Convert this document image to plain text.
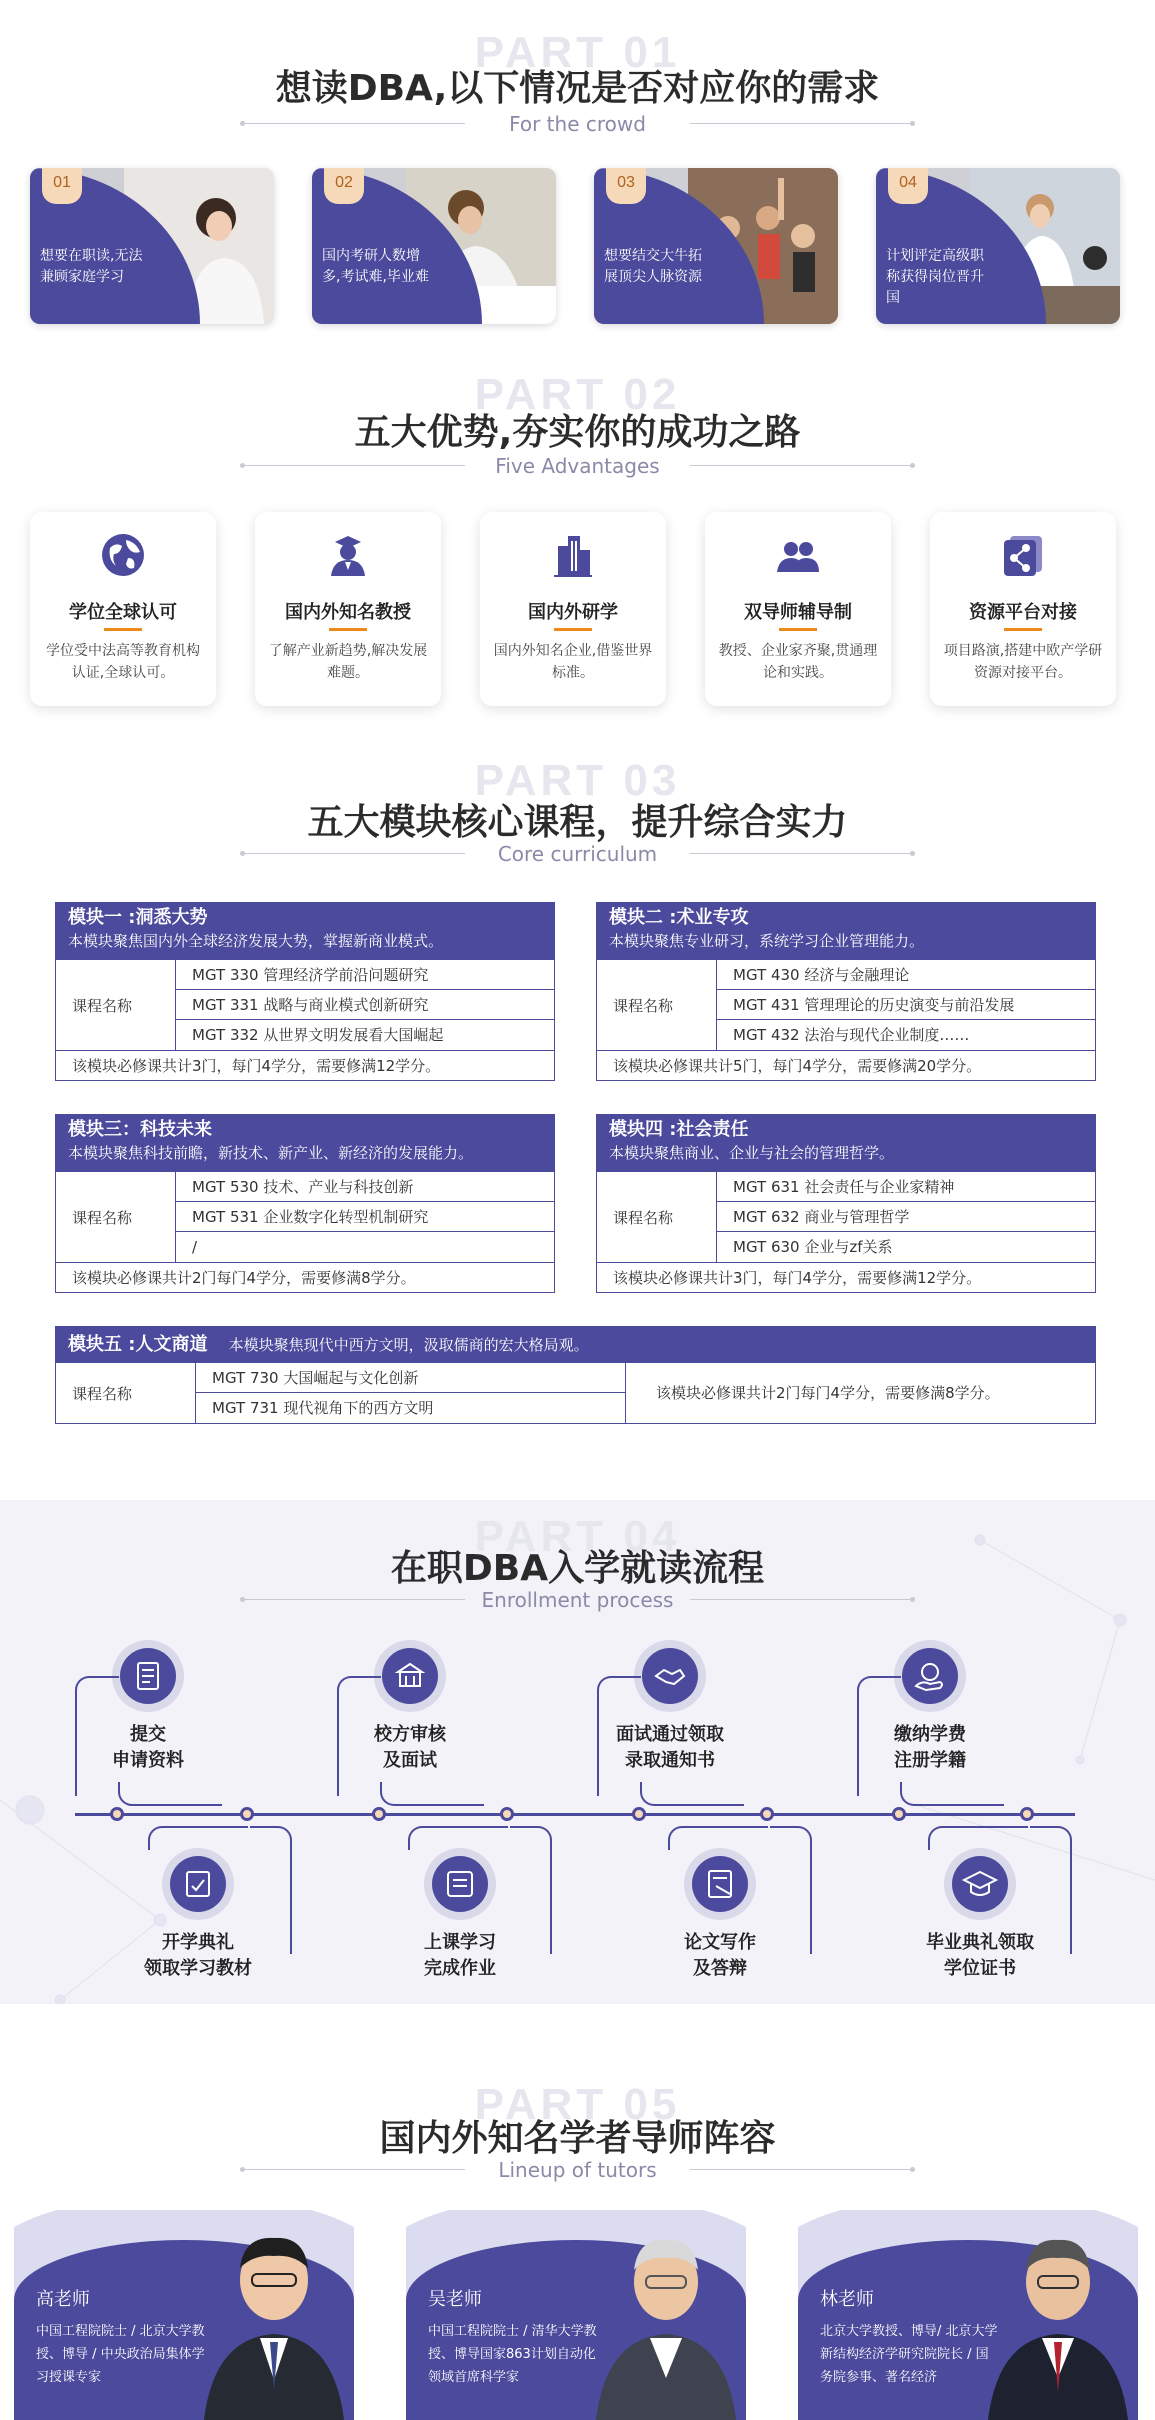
PART 01
想读DBA,以下情况是否对应你的需求
For the crowd
01
想要在职读,无法兼顾家庭学习
02
国内考研人数增多,考试难,毕业难
03
想要结交大牛拓展顶尖人脉资源
04
计划评定高级职称获得岗位晋升国
PART 02
五大优势,夯实你的成功之路
Five Advantages
学位全球认可
学位受中法高等教育机构认证,全球认可。
国内外知名教授
了解产业新趋势,解决发展难题。
国内外研学
国内外知名企业,借鉴世界标准。
双导师辅导制
教授、企业家齐聚,贯通理论和实践。
资源平台对接
项目路演,搭建中欧产学研资源对接平台。
PART 03
五大模块核心课程，提升综合实力
Core curriculum
模块一 :洞悉大势
本模块聚焦国内外全球经济发展大势，掌握新商业模式。
课程名称
MGT 330 管理经济学前沿问题研究
MGT 331 战略与商业模式创新研究
MGT 332 从世界文明发展看大国崛起
该模块必修课共计3门，每门4学分，需要修满12学分。
模块二 :术业专攻
本模块聚焦专业研习，系统学习企业管理能力。
课程名称
MGT 430 经济与金融理论
MGT 431 管理理论的历史演变与前沿发展
MGT 432 法治与现代企业制度……
该模块必修课共计5门，每门4学分，需要修满20学分。
模块三：科技未来
本模块聚焦科技前瞻，新技术、新产业、新经济的发展能力。
课程名称
MGT 530 技术、产业与科技创新
MGT 531 企业数字化转型机制研究
/
该模块必修课共计2门每门4学分，需要修满8学分。
模块四 :社会责任
本模块聚焦商业、企业与社会的管理哲学。
课程名称
MGT 631 社会责任与企业家精神
MGT 632 商业与管理哲学
MGT 630 企业与zf关系
该模块必修课共计3门，每门4学分，需要修满12学分。
模块五 :人文商道 本模块聚焦现代中西方文明，汲取儒商的宏大格局观。
课程名称
MGT 730 大国崛起与文化创新
MGT 731 现代视角下的西方文明
该模块必修课共计2门每门4学分，需要修满8学分。
PART 04
在职DBA入学就读流程
Enrollment process
提交
申请资料
校方审核
及面试
面试通过领取
录取通知书
缴纳学费
注册学籍
开学典礼
领取学习教材
上课学习
完成作业
论文写作
及答辩
毕业典礼领取
学位证书
PART 05
国内外知名学者导师阵容
Lineup of tutors
高老师
中国工程院院士 / 北京大学教授、博导 / 中央政治局集体学习授课专家
吴老师
中国工程院院士 / 清华大学教授、博导国家863计划自动化领域首席科学家
林老师
北京大学教授、博导/ 北京大学新结构经济学研究院院长 / 国务院参事、著名经济
